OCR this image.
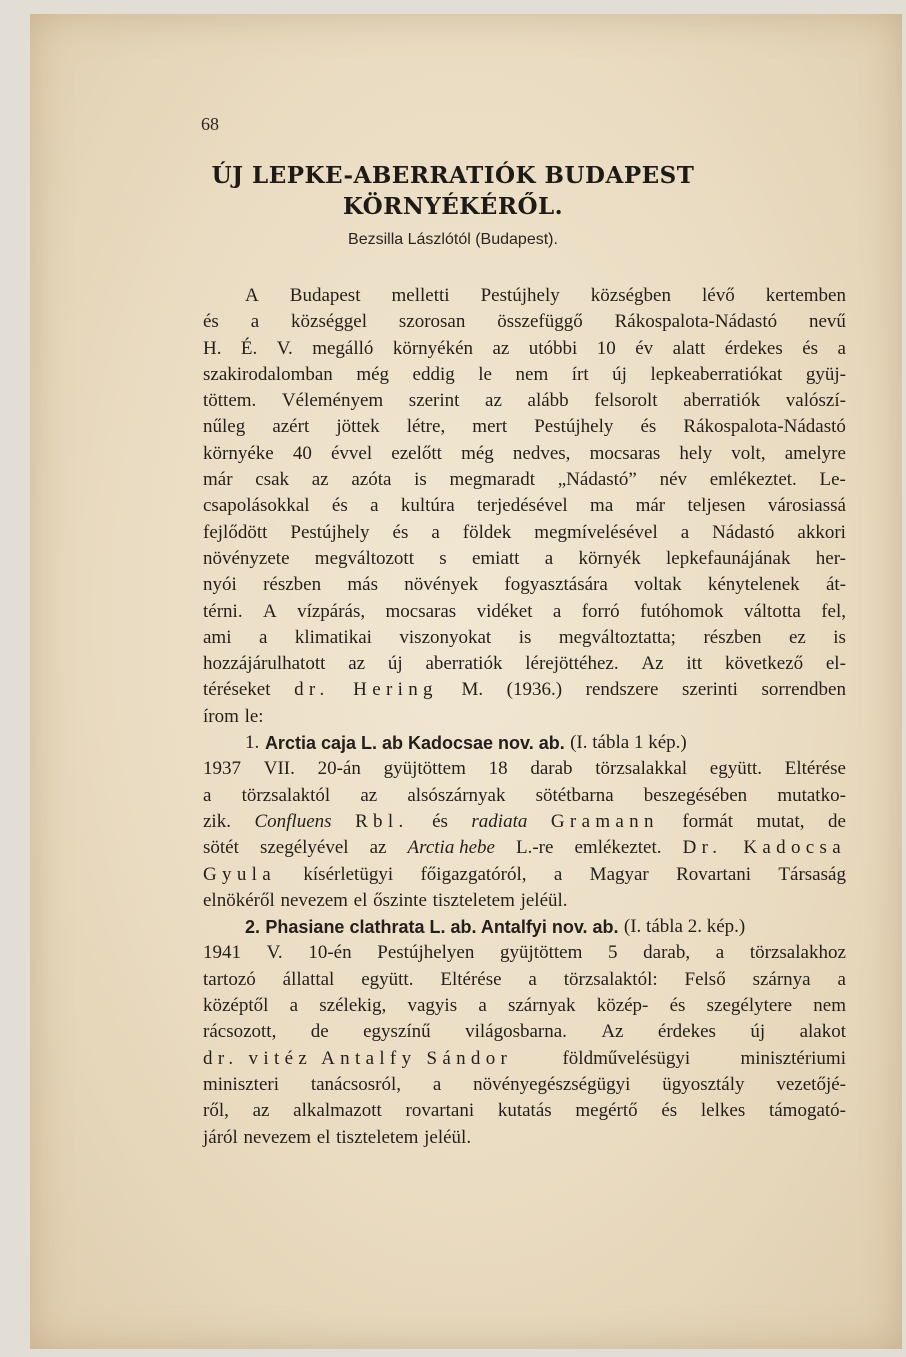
68
ÚJ LEPKE-ABERRATIÓK BUDAPEST
KÖRNYÉKÉRŐL.
Bezsilla Lászlótól (Budapest).
A Budapest melletti Pestújhely községben lévő kertemben
és a községgel szorosan összefüggő Rákospalota-Nádastó nevű
H. É. V. megálló környékén az utóbbi 10 év alatt érdekes és a
szakirodalomban még eddig le nem írt új lepkeaberratiókat gyüj-
töttem. Véleményem szerint az alább felsorolt aberratiók valószí-
nűleg azért jöttek létre, mert Pestújhely és Rákospalota-Nádastó
környéke 40 évvel ezelőtt még nedves, mocsaras hely volt, amelyre
már csak az azóta is megmaradt „Nádastó” név emlékeztet. Le-
csapolásokkal és a kultúra terjedésével ma már teljesen városiassá
fejlődött Pestújhely és a földek megmívelésével a Nádastó akkori
növényzete megváltozott s emiatt a környék lepkefaunájának her-
nyói részben más növények fogyasztására voltak kénytelenek át-
térni. A vízpárás, mocsaras vidéket a forró futóhomok váltotta fel,
ami a klimatikai viszonyokat is megváltoztatta; részben ez is
hozzájárulhatott az új aberratiók lérejöttéhez. Az itt következő el-
téréseket dr. Hering M. (1936.) rendszere szerinti sorrendben
írom le:
1. Arctia caja L. ab Kadocsae nov. ab. (I. tábla 1 kép.)
1937 VII. 20-án gyüjtöttem 18 darab törzsalakkal együtt. Eltérése
a törzsalaktól az alsószárnyak sötétbarna beszegésében mutatko-
zik. Confluens Rbl. és radiata Gramann formát mutat, de
sötét szegélyével az Arctia hebe L.-re emlékeztet. Dr. Kadocsa
Gyula kísérletügyi főigazgatóról, a Magyar Rovartani Társaság
elnökéről nevezem el őszinte tiszteletem jeléül.
2. Phasiane clathrata L. ab. Antalfyi nov. ab. (I. tábla 2. kép.)
1941 V. 10-én Pestújhelyen gyüjtöttem 5 darab, a törzsalakhoz
tartozó állattal együtt. Eltérése a törzsalaktól: Felső szárnya a
középtől a szélekig, vagyis a szárnyak közép- és szegélytere nem
rácsozott, de egyszínű világosbarna. Az érdekes új alakot
dr. vitéz Antalfy Sándor	földművelésügyi	minisztériumi
miniszteri tanácsosról, a növényegészségügyi ügyosztály vezetőjé-
ről, az alkalmazott rovartani kutatás megértő és lelkes támogató-
járól nevezem el tiszteletem jeléül.
